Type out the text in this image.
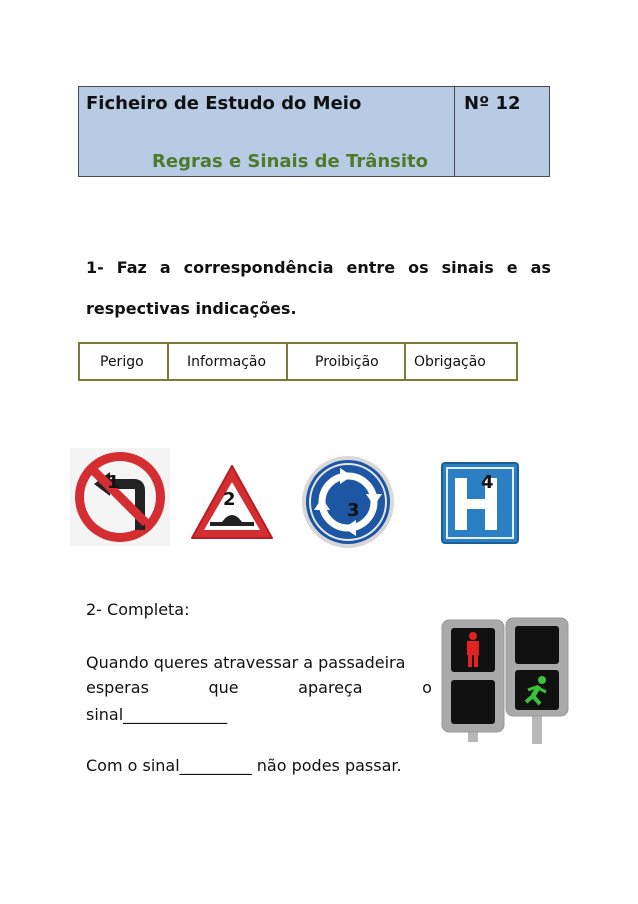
Ficheiro de Estudo do Meio	Nº 12
Regras e Sinais de Trânsito
1- Faz a correspondência entre os sinais e as
respectivas indicações.
Perigo	Informação	Proibição	Obrigação
1
2
3
4
2- Completa:
Quando queres atravessar a passadeira
esperas	que	apareça	o
sinal_____________
Com o sinal_________ não podes passar.
